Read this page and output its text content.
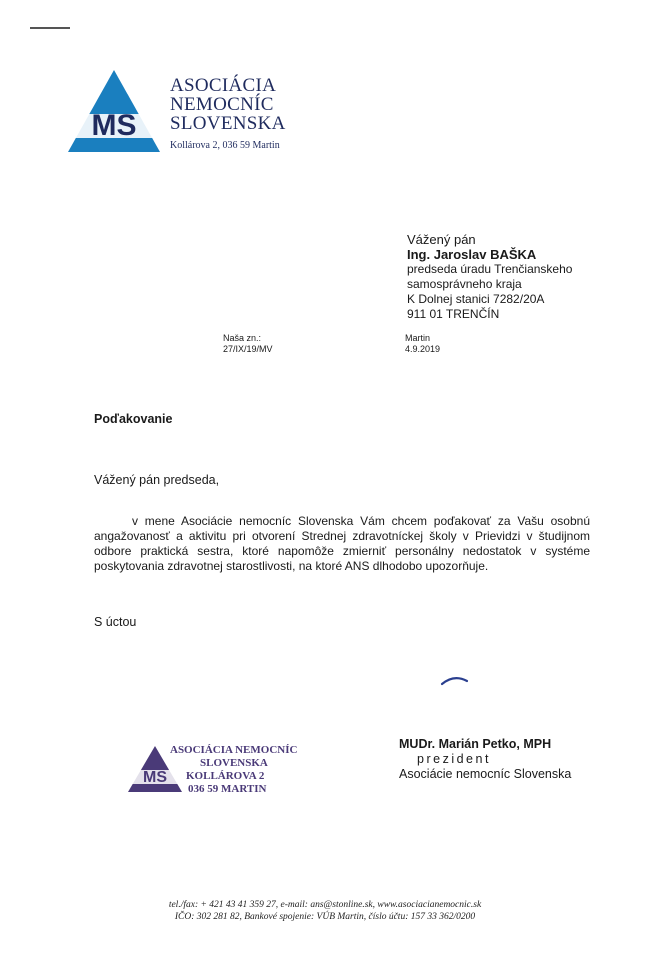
MS
ASOCIÁCIA
NEMOCNÍC
SLOVENSKA
Kollárova 2, 036 59 Martin
Vážený pán
Ing. Jaroslav BAŠKA
predseda úradu Trenčianskeho
samosprávneho kraja
K Dolnej stanici 7282/20A
911 01 TRENČÍN
Naša zn.:
27/IX/19/MV
Martin
4.9.2019
Poďakovanie
Vážený pán predseda,
v mene Asociácie nemocníc Slovenska Vám chcem poďakovať za Vašu osobnú angažovanosť a aktivitu pri otvorení Strednej zdravotníckej školy v Prievidzi v študijnom odbore praktická sestra, ktoré napomôže zmierniť personálny nedostatok v systéme poskytovania zdravotnej starostlivosti, na ktoré ANS dlhodobo upozorňuje.
S úctou
MS
ASOCIÁCIA NEMOCNÍC
SLOVENSKA
KOLLÁROVA 2
036 59 MARTIN
MUDr. Marián Petko, MPH
prezident
Asociácie nemocníc Slovenska
tel./fax: + 421 43 41 359 27, e-mail: ans@stonline.sk, www.asociacianemocnic.sk
IČO: 302 281 82, Bankové spojenie: VÚB Martin, číslo účtu: 157 33 362/0200
